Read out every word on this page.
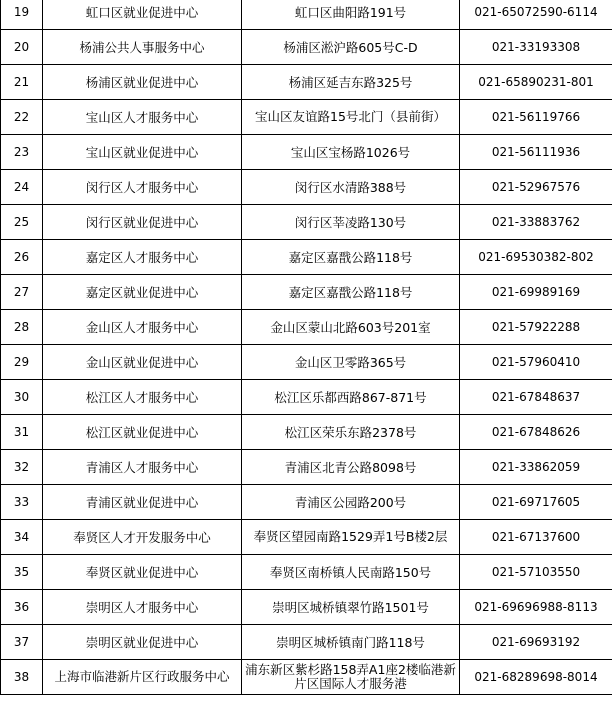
19	虹口区就业促进中心	虹口区曲阳路191号	021-65072590-6114
20	杨浦公共人事服务中心	杨浦区淞沪路605号C-D	021-33193308
21	杨浦区就业促进中心	杨浦区延吉东路325号	021-65890231-801
22	宝山区人才服务中心	宝山区友谊路15号北门（县前街）	021-56119766
23	宝山区就业促进中心	宝山区宝杨路1026号	021-56111936
24	闵行区人才服务中心	闵行区水清路388号	021-52967576
25	闵行区就业促进中心	闵行区莘凌路130号	021-33883762
26	嘉定区人才服务中心	嘉定区嘉戬公路118号	021-69530382-802
27	嘉定区就业促进中心	嘉定区嘉戬公路118号	021-69989169
28	金山区人才服务中心	金山区蒙山北路603号201室	021-57922288
29	金山区就业促进中心	金山区卫零路365号	021-57960410
30	松江区人才服务中心	松江区乐都西路867-871号	021-67848637
31	松江区就业促进中心	松江区荣乐东路2378号	021-67848626
32	青浦区人才服务中心	青浦区北青公路8098号	021-33862059
33	青浦区就业促进中心	青浦区公园路200号	021-69717605
34	奉贤区人才开发服务中心	奉贤区望园南路1529弄1号B楼2层	021-67137600
35	奉贤区就业促进中心	奉贤区南桥镇人民南路150号	021-57103550
36	崇明区人才服务中心	崇明区城桥镇翠竹路1501号	021-69696988-8113
37	崇明区就业促进中心	崇明区城桥镇南门路118号	021-69693192
38	上海市临港新片区行政服务中心	浦东新区紫杉路158弄A1座2楼临港新片区国际人才服务港	021-68289698-8014
